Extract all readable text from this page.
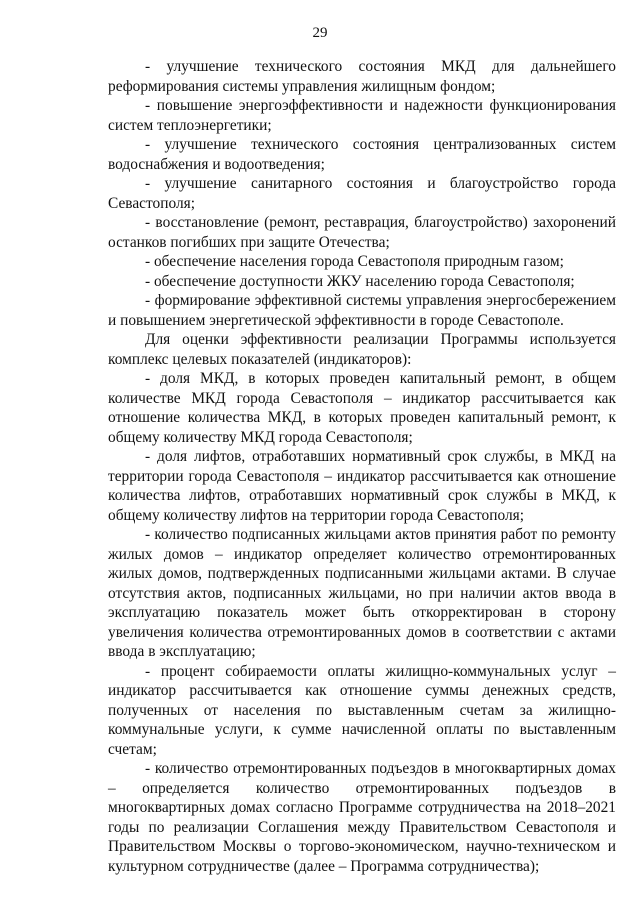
29

- улучшение технического состояния МКД для дальнейшего реформирования системы управления жилищным фондом;

- повышение энергоэффективности и надежности функционирования систем теплоэнергетики;

- улучшение технического состояния централизованных систем водоснабжения и водоотведения;

- улучшение санитарного состояния и благоустройство города Севастополя;

- восстановление (ремонт, реставрация, благоустройство) захоронений останков погибших при защите Отечества;

- обеспечение населения города Севастополя природным газом;

- обеспечение доступности ЖКУ населению города Севастополя;

- формирование эффективной системы управления энергосбережением и повышением энергетической эффективности в городе Севастополе.

Для оценки эффективности реализации Программы используется комплекс целевых показателей (индикаторов):

- доля МКД, в которых проведен капитальный ремонт, в общем количестве МКД города Севастополя – индикатор рассчитывается как отношение количества МКД, в которых проведен капитальный ремонт, к общему количеству МКД города Севастополя;

- доля лифтов, отработавших нормативный срок службы, в МКД на территории города Севастополя – индикатор рассчитывается как отношение количества лифтов, отработавших нормативный срок службы в МКД, к общему количеству лифтов на территории города Севастополя;

- количество подписанных жильцами актов принятия работ по ремонту жилых домов – индикатор определяет количество отремонтированных жилых домов, подтвержденных подписанными жильцами актами. В случае отсутствия актов, подписанных жильцами, но при наличии актов ввода в эксплуатацию показатель может быть откорректирован в сторону увеличения количества отремонтированных домов в соответствии с актами ввода в эксплуатацию;

- процент собираемости оплаты жилищно-коммунальных услуг – индикатор рассчитывается как отношение суммы денежных средств, полученных от населения по выставленным счетам за жилищно-коммунальные услуги, к сумме начисленной оплаты по выставленным счетам;

- количество отремонтированных подъездов в многоквартирных домах – определяется количество отремонтированных подъездов в многоквартирных домах согласно Программе сотрудничества на 2018–2021 годы по реализации Соглашения между Правительством Севастополя и Правительством Москвы о торгово-экономическом, научно-техническом и культурном сотрудничестве (далее – Программа сотрудничества);
